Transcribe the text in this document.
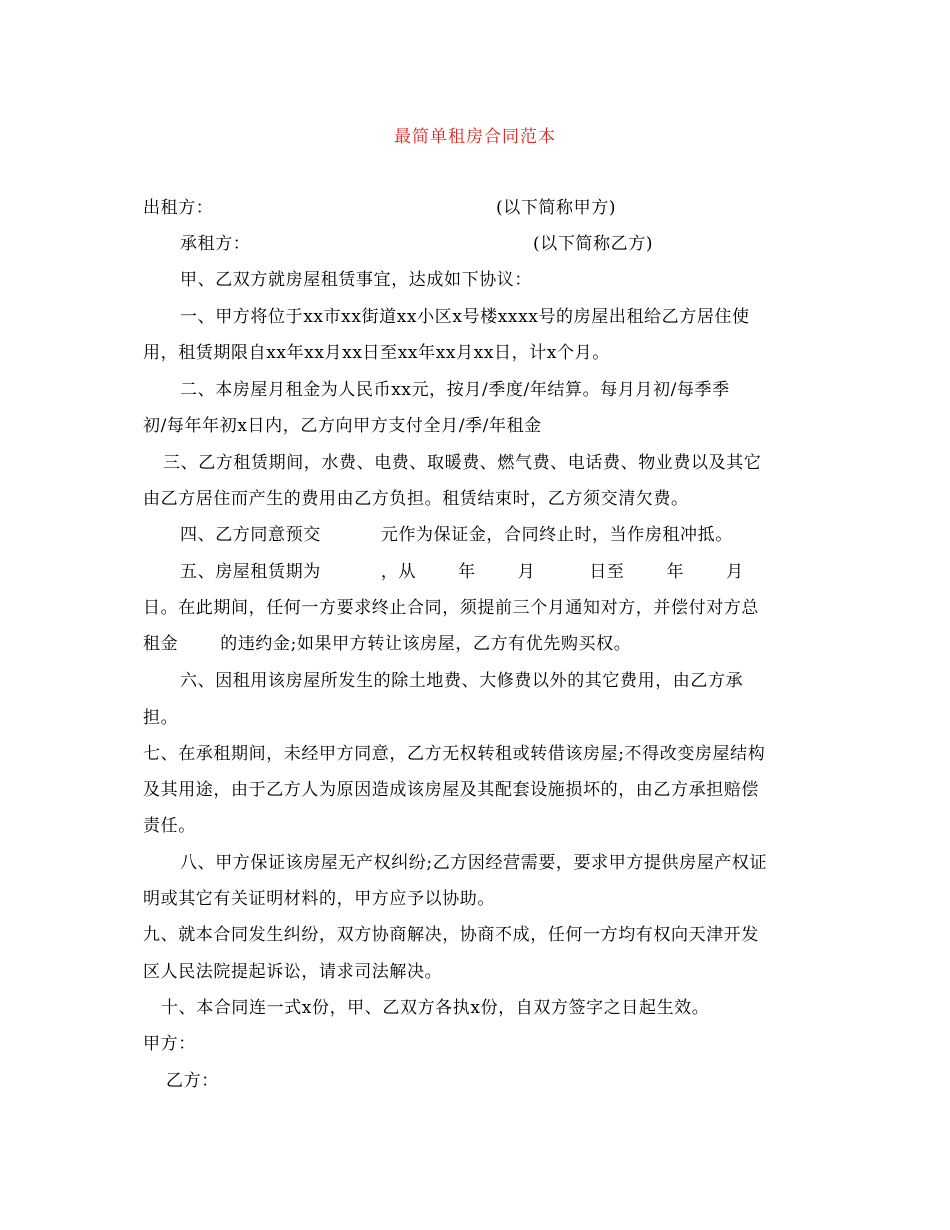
最简单租房合同范本
出租方：	(以下简称甲方)
承租方：	(以下简称乙方)
甲、乙双方就房屋租赁事宜，达成如下协议：
一、甲方将位于xx市xx街道xx小区x号楼xxxx号的房屋出租给乙方居住使
用，租赁期限自xx年xx月xx日至xx年xx月xx日，计x个月。
二、本房屋月租金为人民币xx元，按月/季度/年结算。每月月初/每季季
初/每年年初x日内，乙方向甲方支付全月/季/年租金
三、乙方租赁期间，水费、电费、取暖费、燃气费、电话费、物业费以及其它
由乙方居住而产生的费用由乙方负担。租赁结束时，乙方须交清欠费。
四、乙方同意预交          元作为保证金，合同终止时，当作房租冲抵。
五、房屋租赁期为          ，从       年       月         日至       年       月
日。在此期间，任何一方要求终止合同，须提前三个月通知对方，并偿付对方总
租金       的违约金;如果甲方转让该房屋，乙方有优先购买权。
六、因租用该房屋所发生的除土地费、大修费以外的其它费用，由乙方承
担。
七、在承租期间，未经甲方同意，乙方无权转租或转借该房屋;不得改变房屋结构
及其用途，由于乙方人为原因造成该房屋及其配套设施损坏的，由乙方承担赔偿
责任。
八、甲方保证该房屋无产权纠纷;乙方因经营需要，要求甲方提供房屋产权证
明或其它有关证明材料的，甲方应予以协助。
九、就本合同发生纠纷，双方协商解决，协商不成，任何一方均有权向天津开发
区人民法院提起诉讼，请求司法解决。
十、本合同连一式x份，甲、乙双方各执x份，自双方签字之日起生效。
甲方：
乙方：
